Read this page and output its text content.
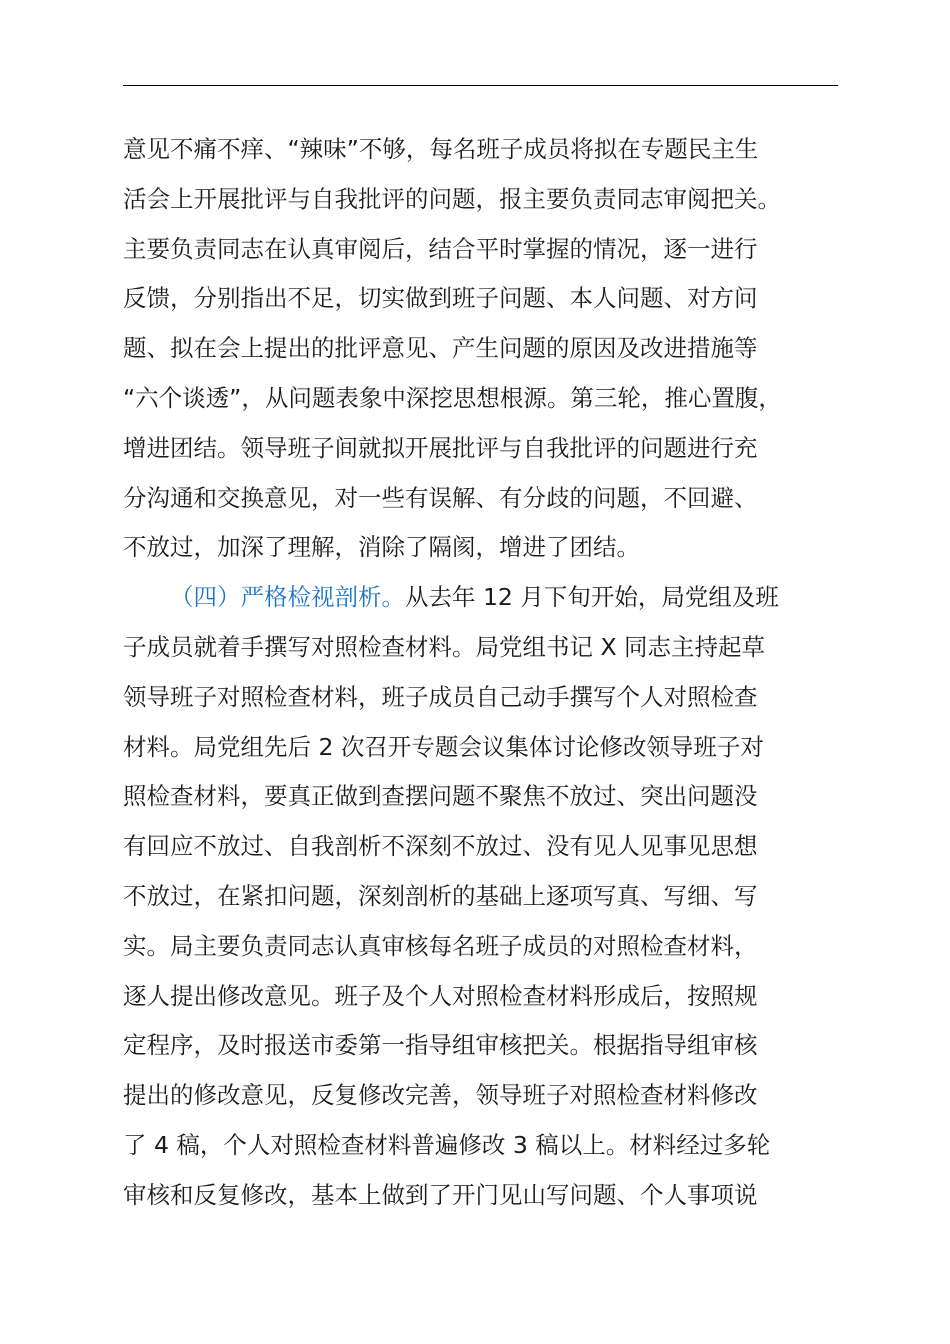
意见不痛不痒、“辣味”不够，每名班子成员将拟在专题民主生
活会上开展批评与自我批评的问题，报主要负责同志审阅把关。
主要负责同志在认真审阅后，结合平时掌握的情况，逐一进行
反馈，分别指出不足，切实做到班子问题、本人问题、对方问
题、拟在会上提出的批评意见、产生问题的原因及改进措施等
“六个谈透”，从问题表象中深挖思想根源。第三轮，推心置腹，
增进团结。领导班子间就拟开展批评与自我批评的问题进行充
分沟通和交换意见，对一些有误解、有分歧的问题，不回避、
不放过，加深了理解，消除了隔阂，增进了团结。
（四）严格检视剖析。从去年 12 月下旬开始，局党组及班
子成员就着手撰写对照检查材料。局党组书记 X 同志主持起草
领导班子对照检查材料，班子成员自己动手撰写个人对照检查
材料。局党组先后 2 次召开专题会议集体讨论修改领导班子对
照检查材料，要真正做到查摆问题不聚焦不放过、突出问题没
有回应不放过、自我剖析不深刻不放过、没有见人见事见思想
不放过，在紧扣问题，深刻剖析的基础上逐项写真、写细、写
实。局主要负责同志认真审核每名班子成员的对照检查材料，
逐人提出修改意见。班子及个人对照检查材料形成后，按照规
定程序，及时报送市委第一指导组审核把关。根据指导组审核
提出的修改意见，反复修改完善，领导班子对照检查材料修改
了 4 稿，个人对照检查材料普遍修改 3 稿以上。材料经过多轮
审核和反复修改，基本上做到了开门见山写问题、个人事项说
